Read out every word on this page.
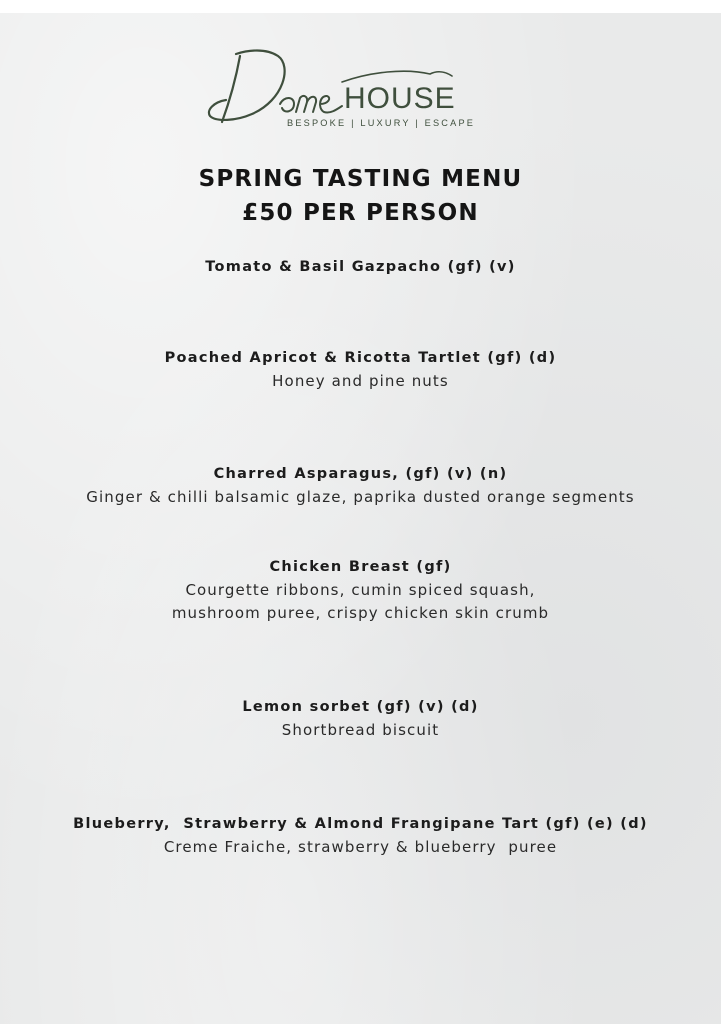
HOUSE
BESPOKE | LUXURY | ESCAPE
SPRING TASTING MENU
£50 PER PERSON
Tomato & Basil Gazpacho (gf) (v)
Poached Apricot & Ricotta Tartlet (gf) (d)
Honey and pine nuts
Charred Asparagus, (gf) (v) (n)
Ginger & chilli balsamic glaze, paprika dusted orange segments
Chicken Breast (gf)
Courgette ribbons, cumin spiced squash,
mushroom puree, crispy chicken skin crumb
Lemon sorbet (gf) (v) (d)
Shortbread biscuit
Blueberry,  Strawberry & Almond Frangipane Tart (gf) (e) (d)
Creme Fraiche, strawberry & blueberry  puree
